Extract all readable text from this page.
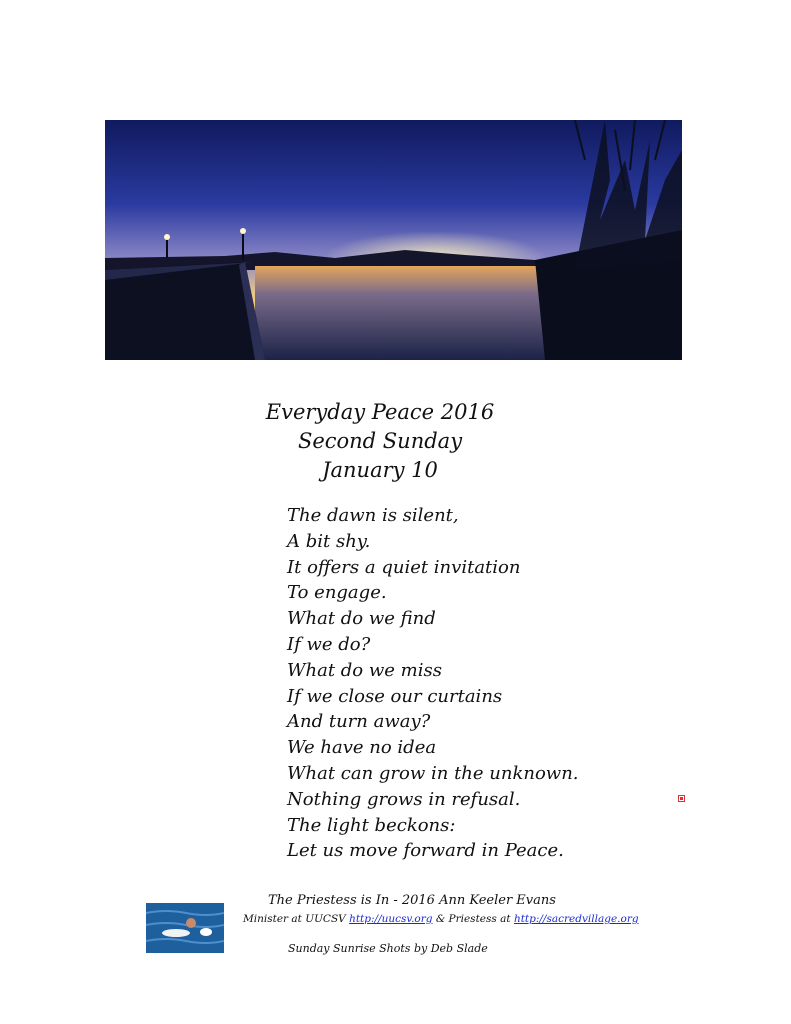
Everyday Peace 2016
Second Sunday
January 10
The dawn is silent,
A bit shy.
It offers a quiet invitation
To engage.
What do we find
If we do?
What do we miss
If we close our curtains
And turn away?
We have no idea
What can grow in the unknown.
Nothing grows in refusal.
The light beckons:
Let us move forward in Peace.
The Priestess is In - 2016 Ann Keeler Evans
Minister at UUCSV http://uucsv.org & Priestess at http://sacredvillage.org
Sunday Sunrise Shots by Deb Slade
